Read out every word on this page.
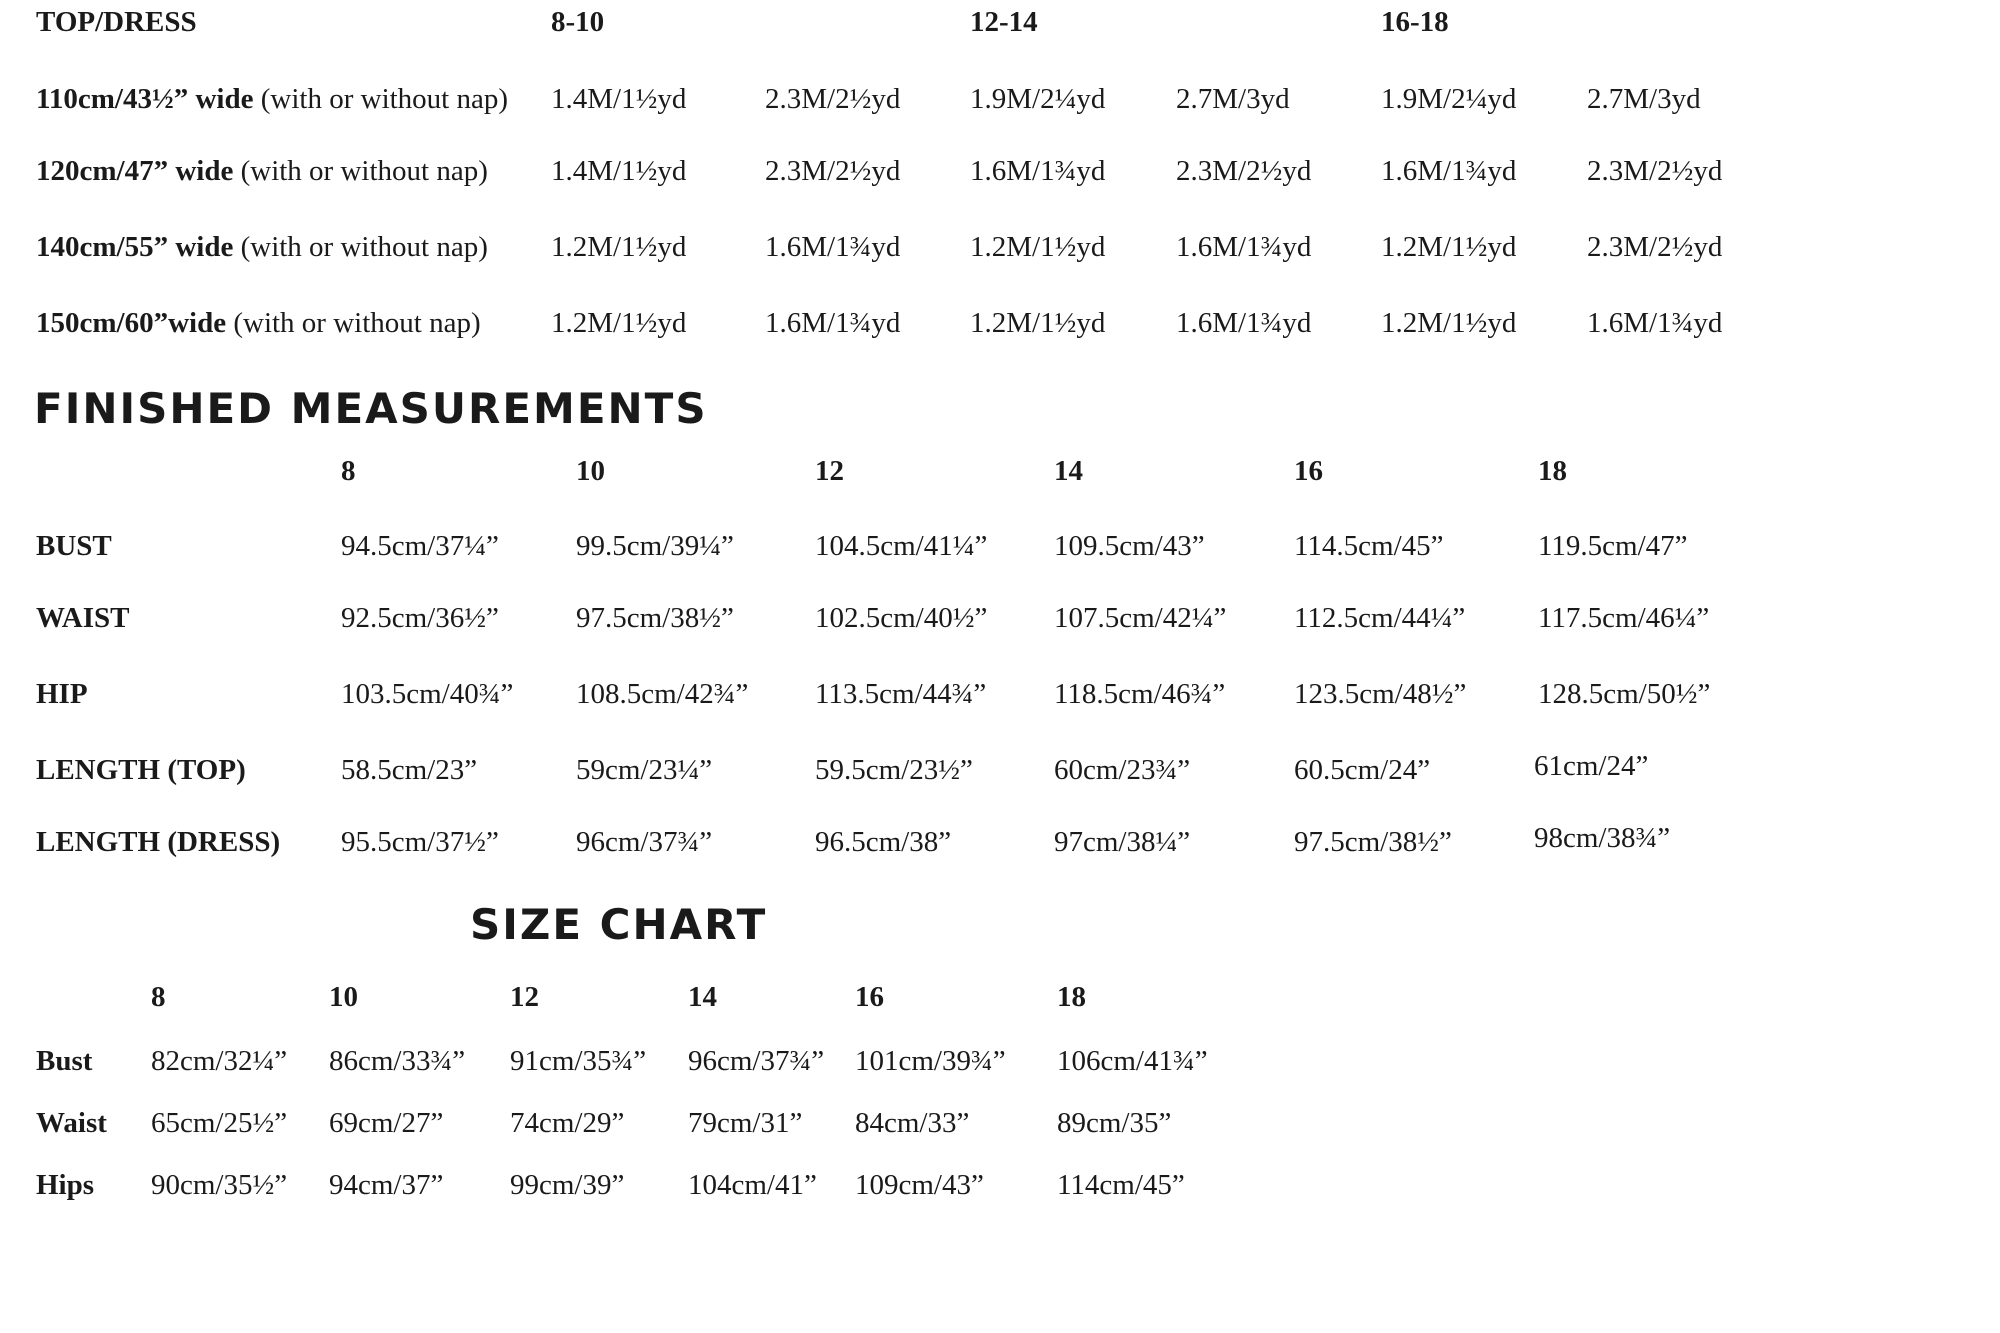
TOP/DRESS	8-10	12-14	16-18
110cm/43½” wide (with or without nap) 1.4M/1½yd	2.3M/2½yd 1.9M/2¼yd 2.7M/3yd	1.9M/2¼yd 2.7M/3yd
120cm/47” wide (with or without nap) 1.4M/1½yd	2.3M/2½yd 1.6M/1¾yd 2.3M/2½yd 1.6M/1¾yd 2.3M/2½yd
140cm/55” wide (with or without nap) 1.2M/1½yd	1.6M/1¾yd 1.2M/1½yd 1.6M/1¾yd 1.2M/1½yd 2.3M/2½yd
150cm/60”wide (with or without nap) 1.2M/1½yd	1.6M/1¾yd 1.2M/1½yd 1.6M/1¾yd 1.2M/1½yd 1.6M/1¾yd
FINISHED MEASUREMENTS
8	10	12	14	16	18
BUST	94.5cm/37¼”	99.5cm/39¼”	104.5cm/41¼” 109.5cm/43”	114.5cm/45”	119.5cm/47”
WAIST	92.5cm/36½”	97.5cm/38½”	102.5cm/40½” 107.5cm/42¼” 112.5cm/44¼”	117.5cm/46¼”
HIP	103.5cm/40¾” 108.5cm/42¾” 113.5cm/44¾” 118.5cm/46¾” 123.5cm/48½” 128.5cm/50½”
LENGTH (TOP)	58.5cm/23”	59cm/23¼”	59.5cm/23½”	60cm/23¾”	60.5cm/24”	61cm/24”
LENGTH (DRESS) 95.5cm/37½”	96cm/37¾”	96.5cm/38”	97cm/38¼”	97.5cm/38½”	98cm/38¾”
SIZE CHART
8	10	12	14	16	18
Bust 82cm/32¼” 86cm/33¾” 91cm/35¾” 96cm/37¾” 101cm/39¾” 106cm/41¾”
Waist 65cm/25½” 69cm/27” 74cm/29” 79cm/31” 84cm/33”	89cm/35”
Hips 90cm/35½” 94cm/37” 99cm/39” 104cm/41” 109cm/43”	114cm/45”
